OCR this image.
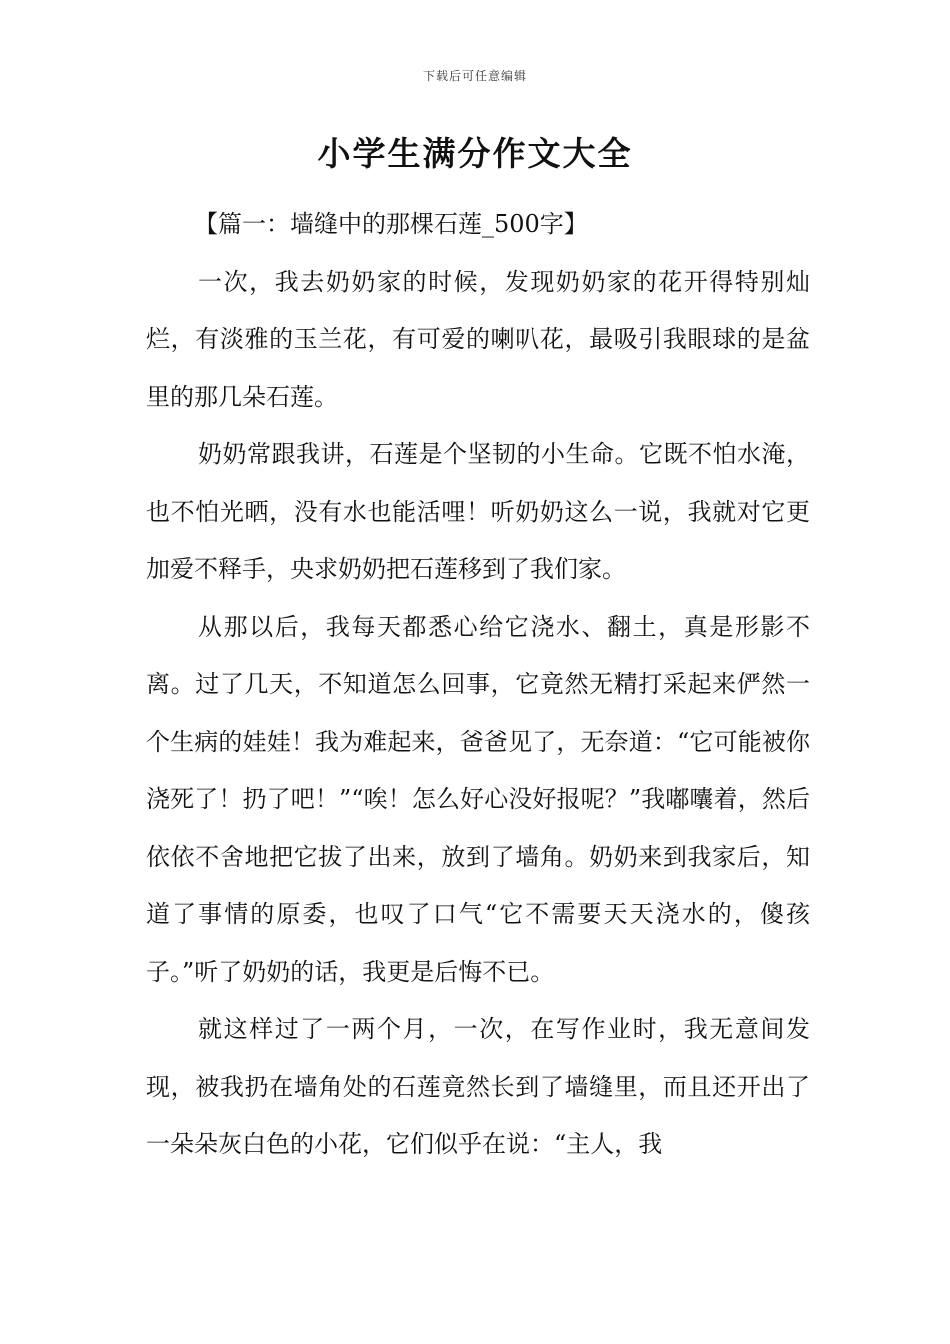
下载后可任意编辑
小学生满分作文大全

【篇一：墙缝中的那棵石莲_500字】

一次，我去奶奶家的时候，发现奶奶家的花开得特别灿烂，有淡雅的玉兰花，有可爱的喇叭花，最吸引我眼球的是盆里的那几朵石莲。

奶奶常跟我讲，石莲是个坚韧的小生命。它既不怕水淹，也不怕光晒，没有水也能活哩！听奶奶这么一说，我就对它更加爱不释手，央求奶奶把石莲移到了我们家。

从那以后，我每天都悉心给它浇水、翻土，真是形影不离。过了几天，不知道怎么回事，它竟然无精打采起来俨然一个生病的娃娃！我为难起来，爸爸见了，无奈道：“它可能被你浇死了！扔了吧！”“唉！怎么好心没好报呢？”我嘟囔着，然后依依不舍地把它拔了出来，放到了墙角。奶奶来到我家后，知道了事情的原委，也叹了口气“它不需要天天浇水的，傻孩子。”听了奶奶的话，我更是后悔不已。

就这样过了一两个月，一次，在写作业时，我无意间发现，被我扔在墙角处的石莲竟然长到了墙缝里，而且还开出了一朵朵灰白色的小花，它们似乎在说：“主人，我
